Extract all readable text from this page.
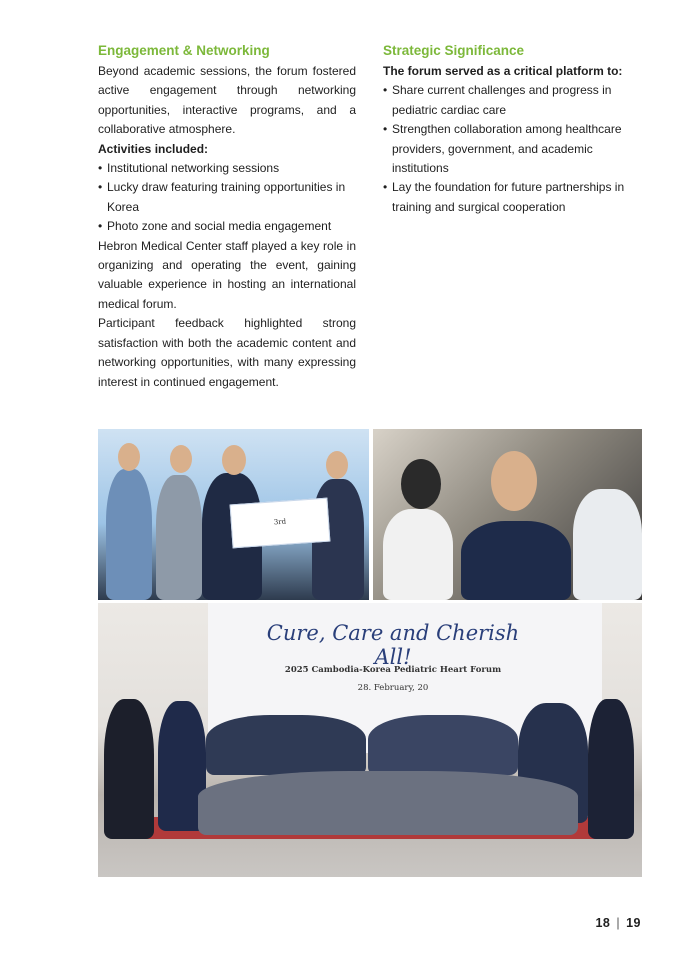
Engagement & Networking

Beyond academic sessions, the forum fostered active engagement through networking opportunities, interactive programs, and a collaborative atmosphere.

Activities included:

• Institutional networking sessions
• Lucky draw featuring training opportunities in Korea
• Photo zone and social media engagement

Hebron Medical Center staff played a key role in organizing and operating the event, gaining valuable experience in hosting an international medical forum.

Participant feedback highlighted strong satisfaction with both the academic content and networking opportunities, with many expressing interest in continued engagement.

Strategic Significance

The forum served as a critical platform to:

• Share current challenges and progress in pediatric cardiac care
• Strengthen collaboration among healthcare providers, government, and academic institutions
• Lay the foundation for future partnerships in training and surgical cooperation
3rd
Cure, Care and Cherish All!
2025 Cambodia-Korea Pediatric Heart Forum
28. February, 20
18 | 19
